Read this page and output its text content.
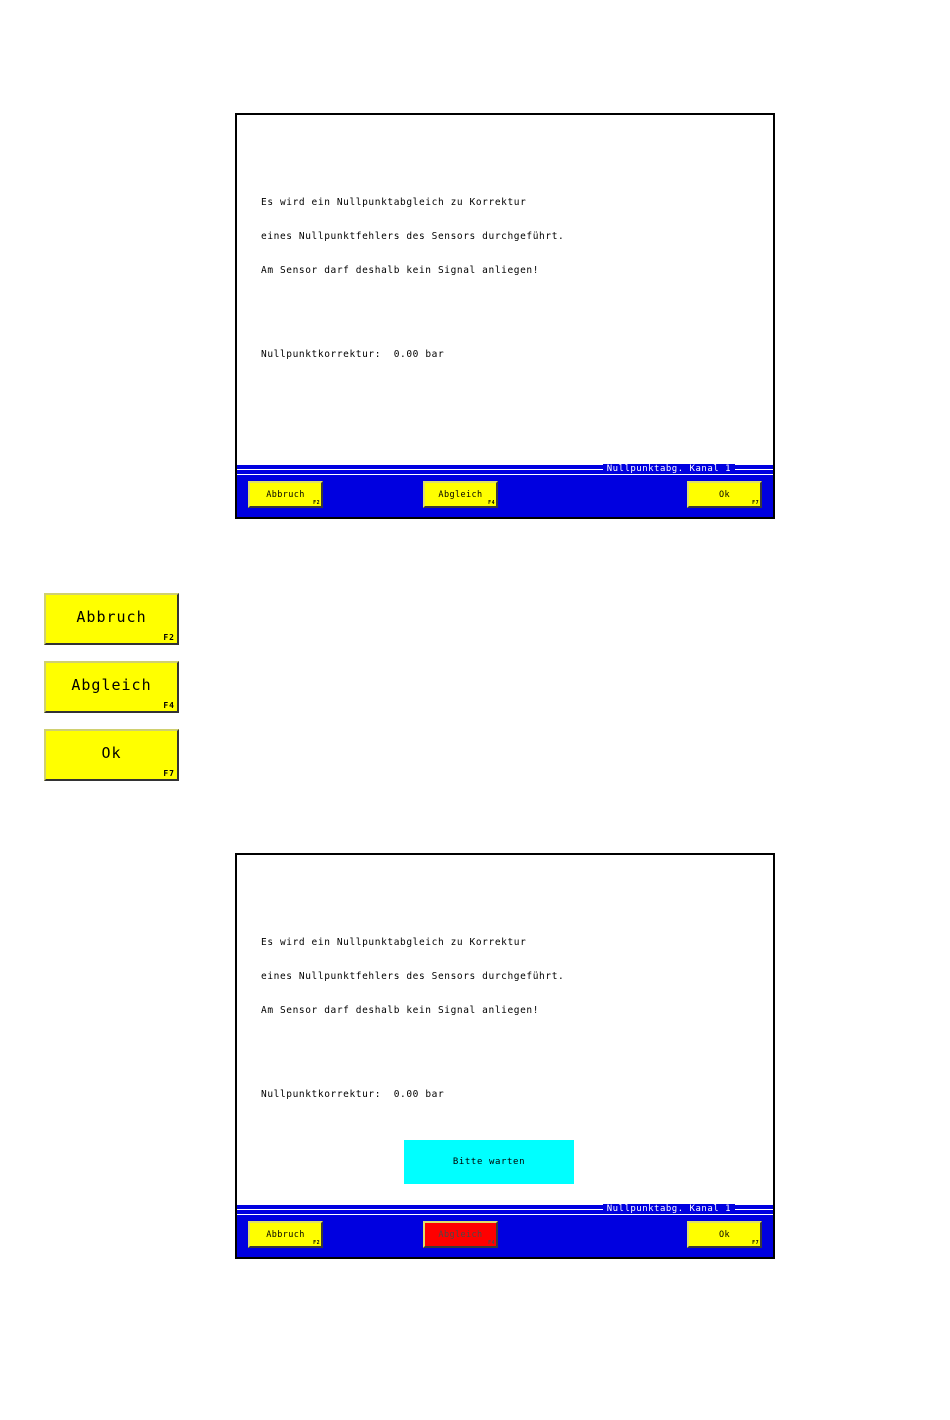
Es wird ein Nullpunktabgleich zu Korrektur
eines Nullpunktfehlers des Sensors durchgeführt.
Am Sensor darf deshalb kein Signal anliegen!
Nullpunktkorrektur: 0.00 bar
Nullpunktabg. Kanal 1
Abbruch
F2
Abgleich
F4
Ok
F7
Abbruch
F2
Abgleich
F4
Ok
F7
Es wird ein Nullpunktabgleich zu Korrektur
eines Nullpunktfehlers des Sensors durchgeführt.
Am Sensor darf deshalb kein Signal anliegen!
Nullpunktkorrektur: 0.00 bar
Bitte warten
Nullpunktabg. Kanal 1
Abbruch
F2
Abgleich
F4
Ok
F7
